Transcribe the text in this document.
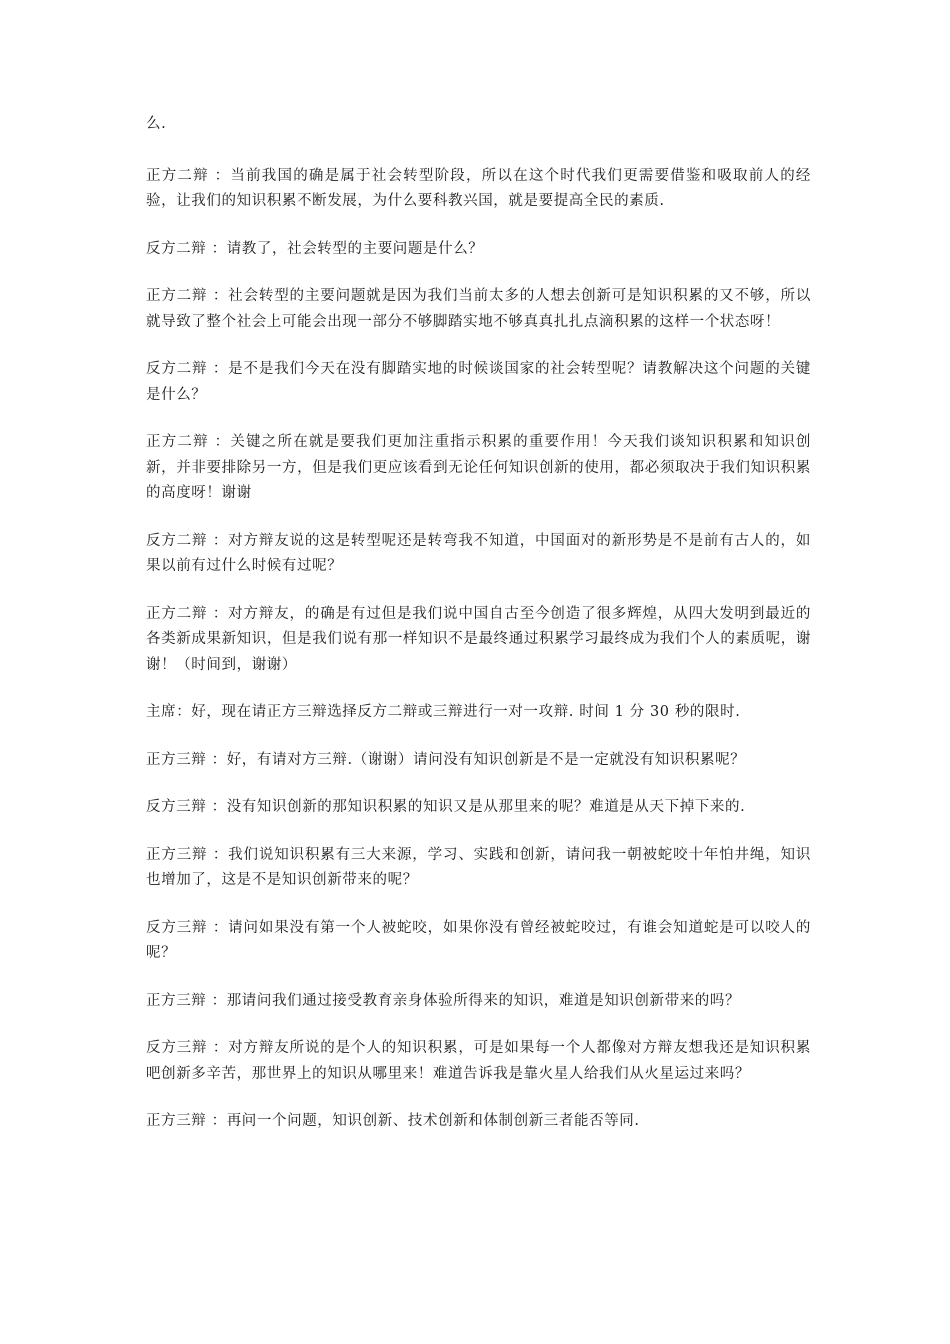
么.

正方二辩 ：当前我国的确是属于社会转型阶段，所以在这个时代我们更需要借鉴和吸取前人的经验，让我们的知识积累不断发展，为什么要科教兴国，就是要提高全民的素质.

反方二辩 ：请教了，社会转型的主要问题是什么？

正方二辩 ：社会转型的主要问题就是因为我们当前太多的人想去创新可是知识积累的又不够，所以就导致了整个社会上可能会出现一部分不够脚踏实地不够真真扎扎点滴积累的这样一个状态呀！

反方二辩 ：是不是我们今天在没有脚踏实地的时候谈国家的社会转型呢？请教解决这个问题的关键是什么？

正方二辩 ：关键之所在就是要我们更加注重指示积累的重要作用！今天我们谈知识积累和知识创新，并非要排除另一方，但是我们更应该看到无论任何知识创新的使用，都必须取决于我们知识积累的高度呀！谢谢

反方二辩 ：对方辩友说的这是转型呢还是转弯我不知道，中国面对的新形势是不是前有古人的，如果以前有过什么时候有过呢？

正方二辩 ：对方辩友，的确是有过但是我们说中国自古至今创造了很多辉煌，从四大发明到最近的各类新成果新知识，但是我们说有那一样知识不是最终通过积累学习最终成为我们个人的素质呢，谢谢！（时间到，谢谢）

主席：好，现在请正方三辩选择反方二辩或三辩进行一对一攻辩. 时间 1 分 30 秒的限时.

正方三辩 ：好，有请对方三辩.（谢谢）请问没有知识创新是不是一定就没有知识积累呢？

反方三辩 ：没有知识创新的那知识积累的知识又是从那里来的呢？难道是从天下掉下来的.

正方三辩 ：我们说知识积累有三大来源，学习、实践和创新，请问我一朝被蛇咬十年怕井绳，知识也增加了，这是不是知识创新带来的呢？

反方三辩 ：请问如果没有第一个人被蛇咬，如果你没有曾经被蛇咬过，有谁会知道蛇是可以咬人的呢？

正方三辩 ：那请问我们通过接受教育亲身体验所得来的知识，难道是知识创新带来的吗？

反方三辩 ：对方辩友所说的是个人的知识积累，可是如果每一个人都像对方辩友想我还是知识积累吧创新多辛苦，那世界上的知识从哪里来！难道告诉我是靠火星人给我们从火星运过来吗？

正方三辩 ：再问一个问题，知识创新、技术创新和体制创新三者能否等同.
